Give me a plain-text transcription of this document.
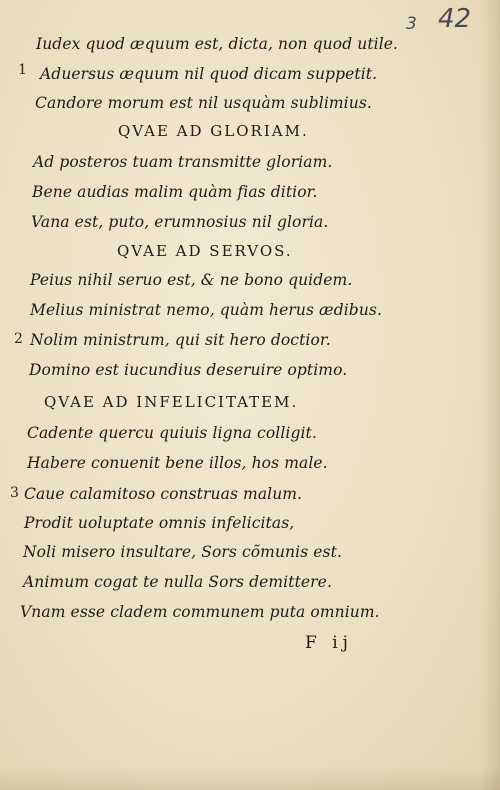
3 42
1
2
3
Iudex quod æquum est, dicta, non quod utile.
Aduersus æquum nil quod dicam suppetit.
Candore morum est nil usquàm sublimius.
QVAE AD GLORIAM.
Ad posteros tuam transmitte gloriam.
Bene audias malim quàm fias ditior.
Vana est, puto, erumnosius nil gloria.
QVAE AD SERVOS.
Peius nihil seruo est, & ne bono quidem.
Melius ministrat nemo, quàm herus ædibus.
Nolim ministrum, qui sit hero doctior.
Domino est iucundius deseruire optimo.
QVAE AD INFELICITATEM.
Cadente quercu quiuis ligna colligit.
Habere conuenit bene illos, hos male.
Caue calamitoso construas malum.
Prodit uoluptate omnis infelicitas,
Noli misero insultare, Sors cõmunis est.
Animum cogat te nulla Sors demittere.
Vnam esse cladem communem puta omnium.
F ij
